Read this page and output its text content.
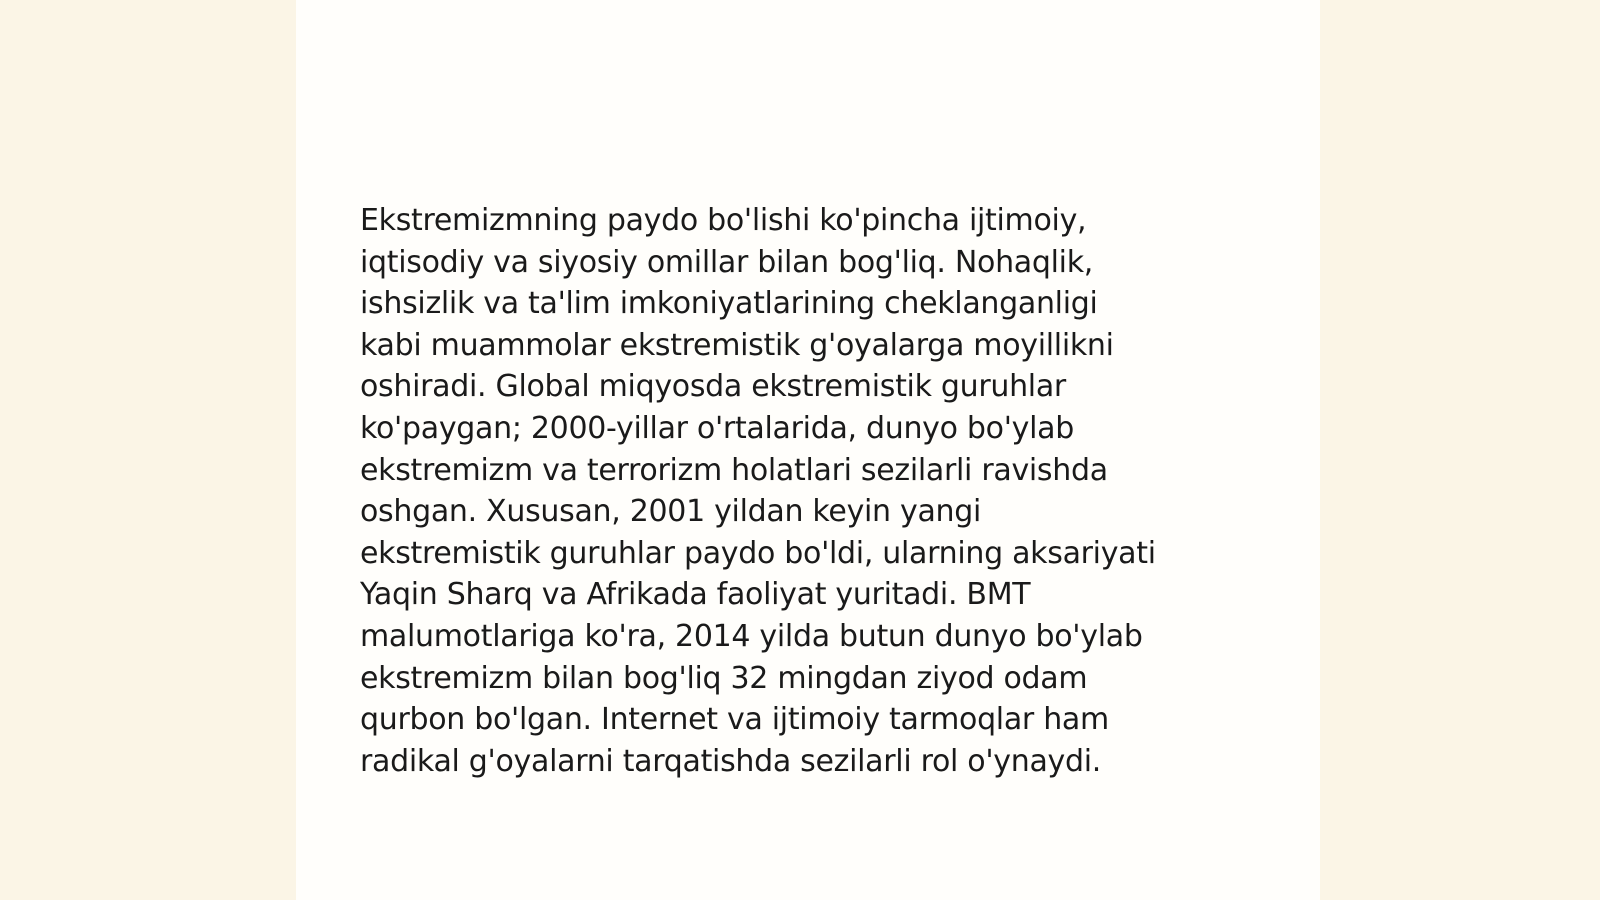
Ekstremizmning paydo bo'lishi ko'pincha ijtimoiy,
iqtisodiy va siyosiy omillar bilan bog'liq. Nohaqlik,
ishsizlik va ta'lim imkoniyatlarining cheklanganligi
kabi muammolar ekstremistik g'oyalarga moyillikni
oshiradi. Global miqyosda ekstremistik guruhlar
ko'paygan; 2000-yillar o'rtalarida, dunyo bo'ylab
ekstremizm va terrorizm holatlari sezilarli ravishda
oshgan. Xususan, 2001 yildan keyin yangi
ekstremistik guruhlar paydo bo'ldi, ularning aksariyati
Yaqin Sharq va Afrikada faoliyat yuritadi. BMT
malumotlariga ko'ra, 2014 yilda butun dunyo bo'ylab
ekstremizm bilan bog'liq 32 mingdan ziyod odam
qurbon bo'lgan. Internet va ijtimoiy tarmoqlar ham
radikal g'oyalarni tarqatishda sezilarli rol o'ynaydi.
